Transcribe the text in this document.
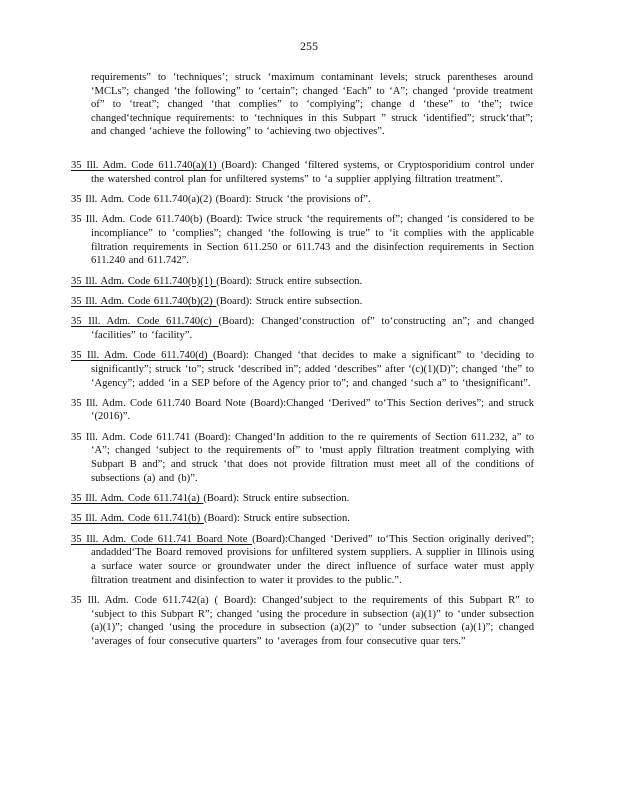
255
requirements” to ‘techniques’; struck ‘maximum contaminant levels; struck parentheses around ‘MCLs”; changed ‘the following” to ‘certain”; changed ‘Each” to ‘A”; changed ‘provide treatment of” to ‘treat”; changed ‘that complies” to ‘complying”; change d ‘these” to ‘the”; twice changed‘technique requirements: to ‘techniques in this Subpart ” struck ‘identified”; struck‘that”; and changed ‘achieve the following” to ‘achieving two objectives”.
35 Ill. Adm. Code 611.740(a)(1) (Board): Changed ‘filtered systems, or Cryptosporidium control under the watershed control plan for unfiltered systems” to ‘a supplier applying filtration treatment”.
35 Ill. Adm. Code 611.740(a)(2) (Board): Struck ‘the provisions of”.
35 Ill. Adm. Code 611.740(b) (Board): Twice struck ‘the requirements of”; changed ‘is considered to be incompliance” to ‘complies”; changed ‘the following is true” to ‘it complies with the applicable filtration requirements in Section 611.250 or 611.743 and the disinfection requirements in Section 611.240 and 611.742”.
35 Ill. Adm. Code 611.740(b)(1) (Board): Struck entire subsection.
35 Ill. Adm. Code 611.740(b)(2) (Board): Struck entire subsection.
35 Ill. Adm. Code 611.740(c) (Board): Changed‘construction of” to‘constructing an”; and changed ‘facilities” to ‘facility”.
35 Ill. Adm. Code 611.740(d) (Board): Changed ‘that decides to make a significant” to ‘deciding to significantly”; struck ‘to”; struck ‘described in”; added ‘describes” after ‘(c)(1)(D)”; changed ‘the” to ‘Agency”; added ‘in a SEP before of the Agency prior to”; and changed ‘such a” to ‘thesignificant”.
35 Ill. Adm. Code 611.740 Board Note (Board):Changed ‘Derived” to‘This Section derives”; and struck ‘(2016)”.
35 Ill. Adm. Code 611.741 (Board): Changed‘In addition to the re quirements of Section 611.232, a” to ‘A”; changed ‘subject to the requirements of” to ‘must apply filtration treatment complying with Subpart B and”; and struck ‘that does not provide filtration must meet all of the conditions of subsections (a) and (b)”.
35 Ill. Adm. Code 611.741(a) (Board): Struck entire subsection.
35 Ill. Adm. Code 611.741(b) (Board): Struck entire subsection.
35 Ill. Adm. Code 611.741 Board Note (Board):Changed ‘Derived” to‘This Section originally derived”; andadded‘The Board removed provisions for unfiltered system suppliers. A supplier in Illinois using a surface water source or groundwater under the direct influence of surface water must apply filtration treatment and disinfection to water it provides to the public.”.
35 Ill. Adm. Code 611.742(a) ( Board): Changed‘subject to the requirements of this Subpart R” to ‘subject to this Subpart R”; changed ‘using the procedure in subsection (a)(1)” to ‘under subsection (a)(1)”; changed ‘using the procedure in subsection (a)(2)” to ‘under subsection (a)(1)”; changed ‘averages of four consecutive quarters” to ‘averages from four consecutive quar ters.”
